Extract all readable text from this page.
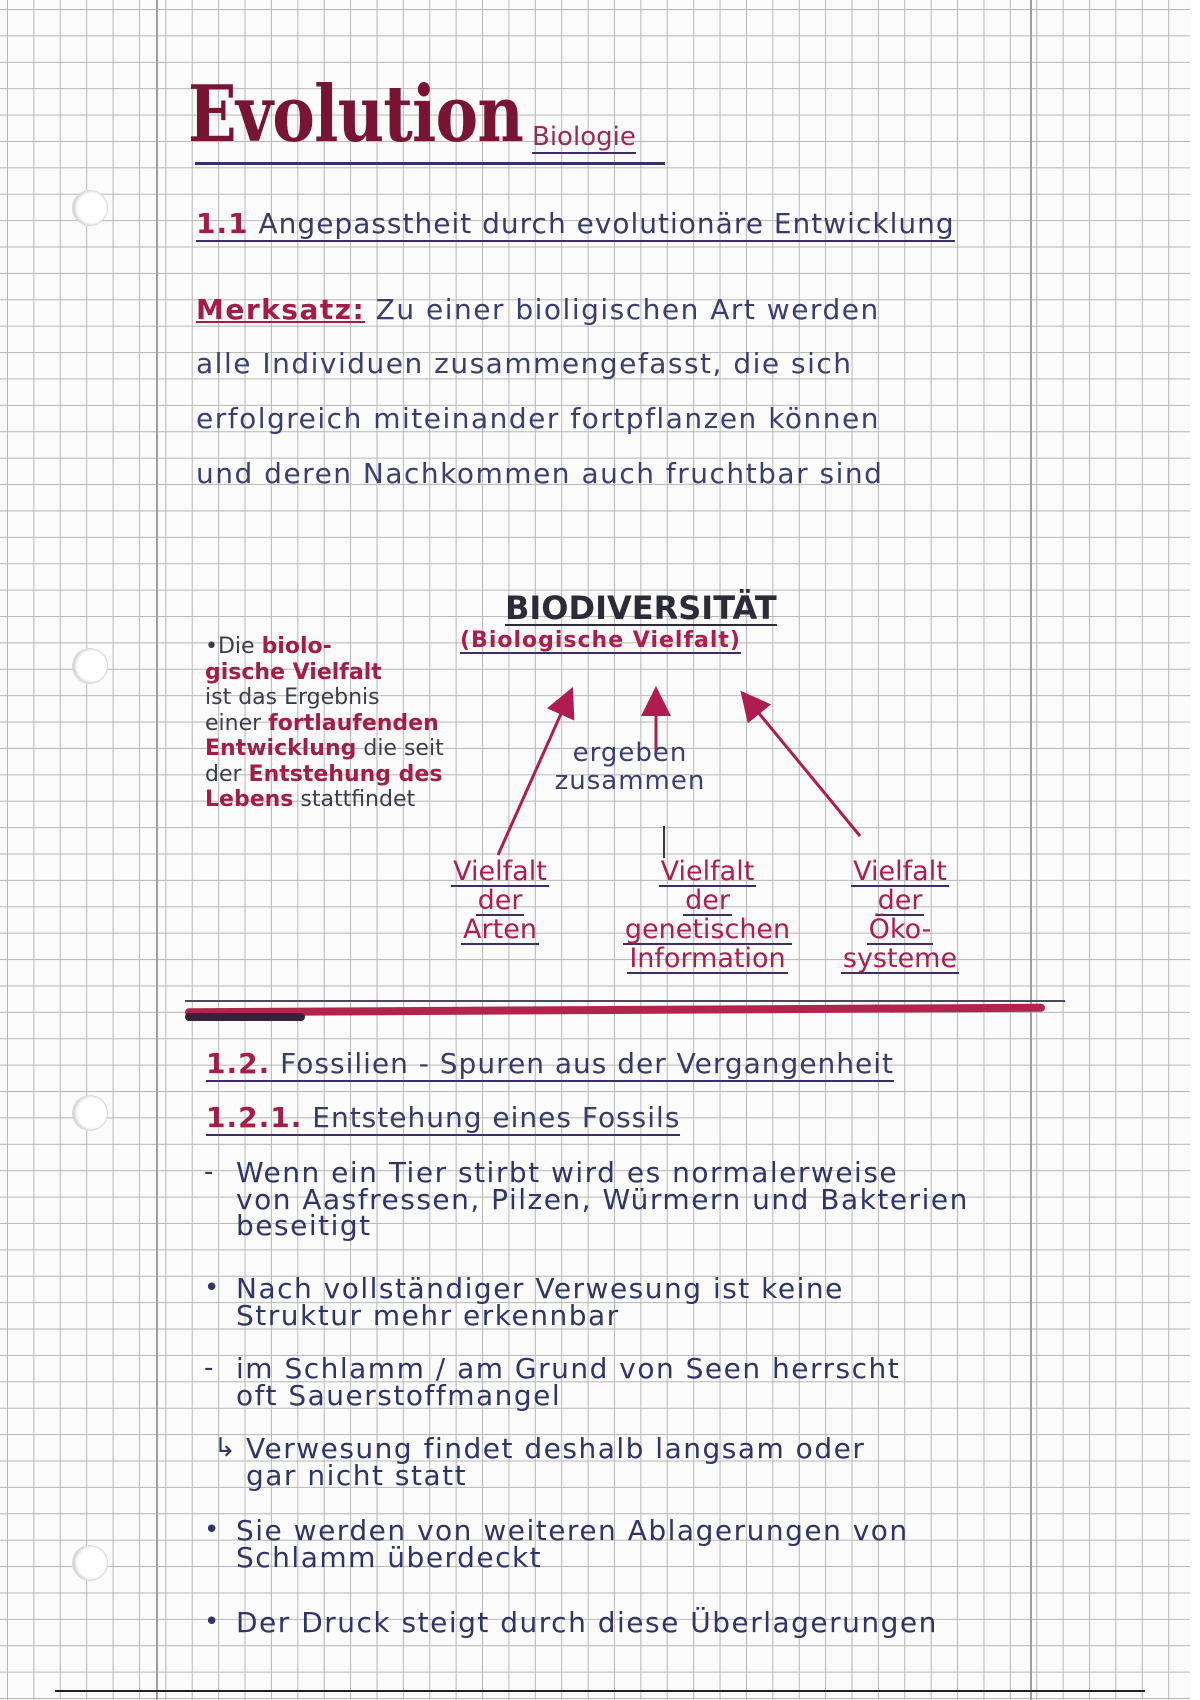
Evolution Biologie
1.1 Angepasstheit durch evolutionäre Entwicklung
Merksatz: Zu einer bioligischen Art werden
alle Individuen zusammengefasst, die sich
erfolgreich miteinander fortpflanzen können
und deren Nachkommen auch fruchtbar sind
BIODIVERSITÄT
(Biologische Vielfalt)
ergeben
zusammen
•Die biolo-
gische Vielfalt
ist das Ergebnis
einer fortlaufenden
Entwicklung die seit
der Entstehung des
Lebens stattfindet
Vielfalt
der
Arten
Vielfalt
der
genetischen
Information
Vielfalt
der
Öko-
systeme
1.2. Fossilien - Spuren aus der Vergangenheit
1.2.1. Entstehung eines Fossils
- Wenn ein Tier stirbt wird es normalerweise
von Aasfressen, Pilzen, Würmern und Bakterien
beseitigt
• Nach vollständiger Verwesung ist keine
Struktur mehr erkennbar
- im Schlamm / am Grund von Seen herrscht
oft Sauerstoffmangel
↳ Verwesung findet deshalb langsam oder
gar nicht statt
• Sie werden von weiteren Ablagerungen von
Schlamm überdeckt
• Der Druck steigt durch diese Überlagerungen
